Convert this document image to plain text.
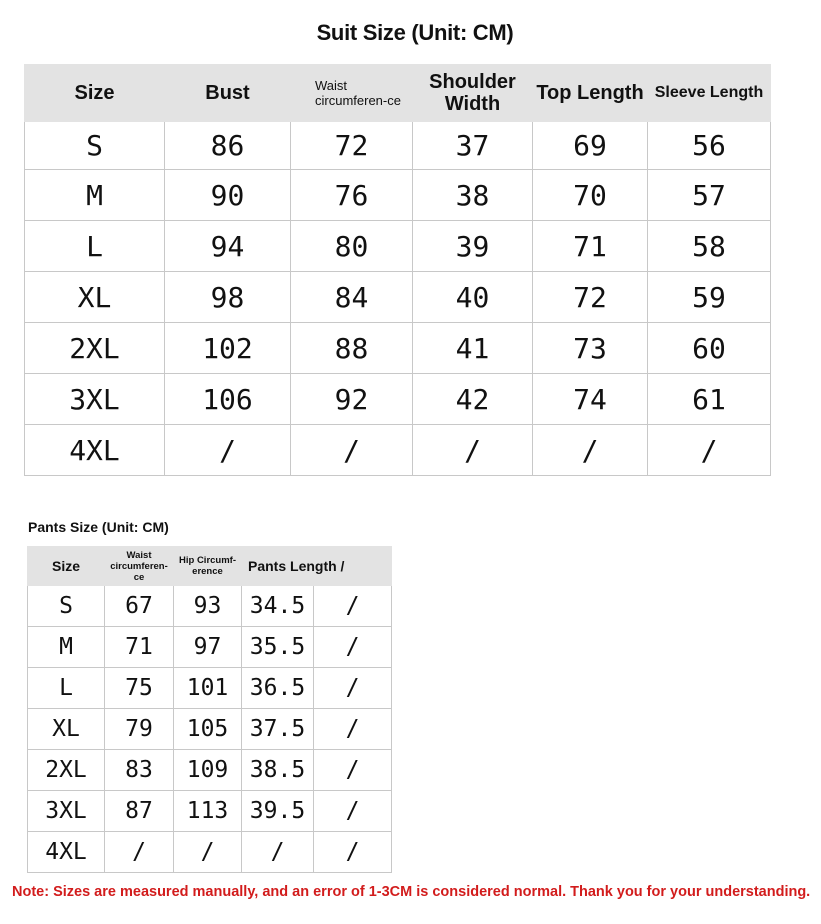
Suit Size (Unit: CM)
Size	Bust	Waist circumferen-ce	Shoulder Width	Top Length	Sleeve Length
S	86	72	37	69	56
M	90	76	38	70	57
L	94	80	39	71	58
XL	98	84	40	72	59
2XL	102	88	41	73	60
3XL	106	92	42	74	61
4XL	/	/	/	/	/
Pants Size (Unit: CM)
Size	Waist circumferen-ce	Hip Circumf-erence	Pants Length /	
S	67	93	34.5	/
M	71	97	35.5	/
L	75	101	36.5	/
XL	79	105	37.5	/
2XL	83	109	38.5	/
3XL	87	113	39.5	/
4XL	/	/	/	/
Note: Sizes are measured manually, and an error of 1-3CM is considered normal. Thank you for your understanding.
